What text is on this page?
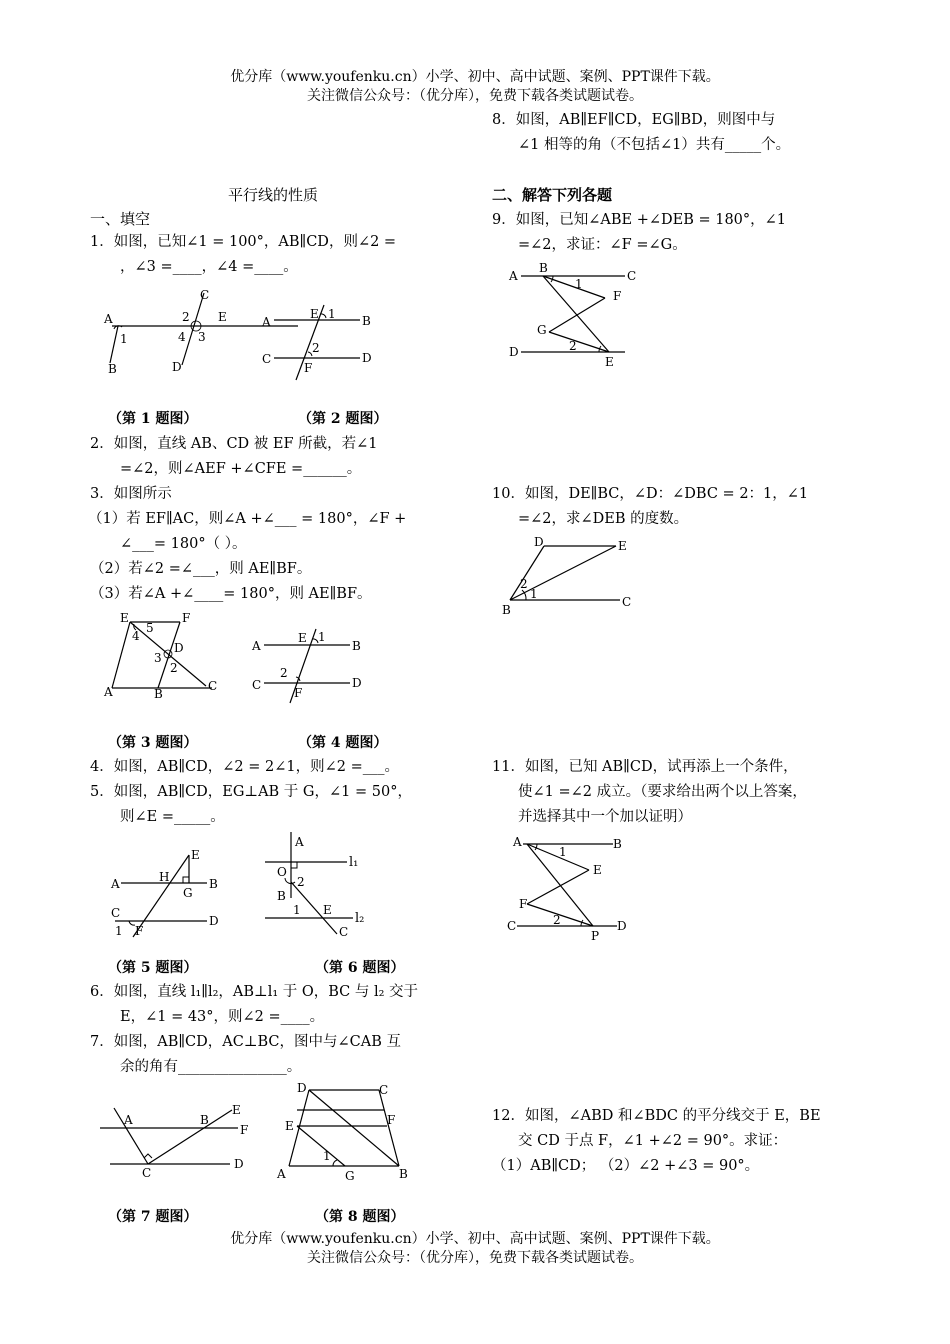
优分库（www.youfenku.cn）小学、初中、高中试题、案例、PPT课件下载。
关注微信公众号：（优分库），免费下载各类试题试卷。
平行线的性质
一、填空
1．如图，已知∠1 = 100°，AB∥CD，则∠2 =
，∠3 =____，∠4 =____。
A
1
B
C
2 E
4 3
D
A
E 1 B
C
2
F
D
（第 1 题图）	（第 2 题图）
2．如图，直线 AB、CD 被 EF 所截，若∠1
=∠2，则∠AEF +∠CFE =______。
3．如图所示
（1）若 EF∥AC，则∠A +∠___ = 180°，∠F +
∠___= 180°（ ）。
（2）若∠2 =∠___，则 AE∥BF。
（3）若∠A +∠____= 180°，则 AE∥BF。
E	F
5
4
D
3
2
A	B
C
A
E 1
B
C
2
F
D
（第 3 题图）	（第 4 题图）
4．如图，AB∥CD，∠2 = 2∠1，则∠2 =___。
5．如图，AB∥CD，EG⊥AB 于 G，∠1 = 50°，
则∠E =_____。
E
A	H	B
G
C
1 F
D
A
l₁
O
2
B
1 E
l₂
C
（第 5 题图）	（第 6 题图）
6．如图，直线 l₁∥l₂，AB⊥l₁ 于 O，BC 与 l₂ 交于
E，∠1 = 43°，则∠2 =____。
7．如图，AB∥CD，AC⊥BC，图中与∠CAB 互
余的角有_______________。
A	B
E
F
C
D
D	C
E	F
1
A	G	B
（第 7 题图）	（第 8 题图）
8．如图，AB∥EF∥CD，EG∥BD，则图中与
∠1 相等的角（不包括∠1）共有_____个。
二、解答下列各题
9．如图，已知∠ABE +∠DEB = 180°，∠1
=∠2，求证：∠F =∠G。
A
B
C
1
F
G
D	2
E
10．如图，DE∥BC，∠D：∠DBC = 2：1，∠1
=∠2，求∠DEB 的度数。
D	E
2
1
B
C
11．如图，已知 AB∥CD，试再添上一个条件，
使∠1 =∠2 成立。（要求给出两个以上答案，
并选择其中一个加以证明）
A	B
1
E
F
C	2
P
D
12．如图，∠ABD 和∠BDC 的平分线交于 E，BE
交 CD 于点 F，∠1 +∠2 = 90°。求证：
（1）AB∥CD； （2）∠2 +∠3 = 90°。
优分库（www.youfenku.cn）小学、初中、高中试题、案例、PPT课件下载。
关注微信公众号：（优分库），免费下载各类试题试卷。
